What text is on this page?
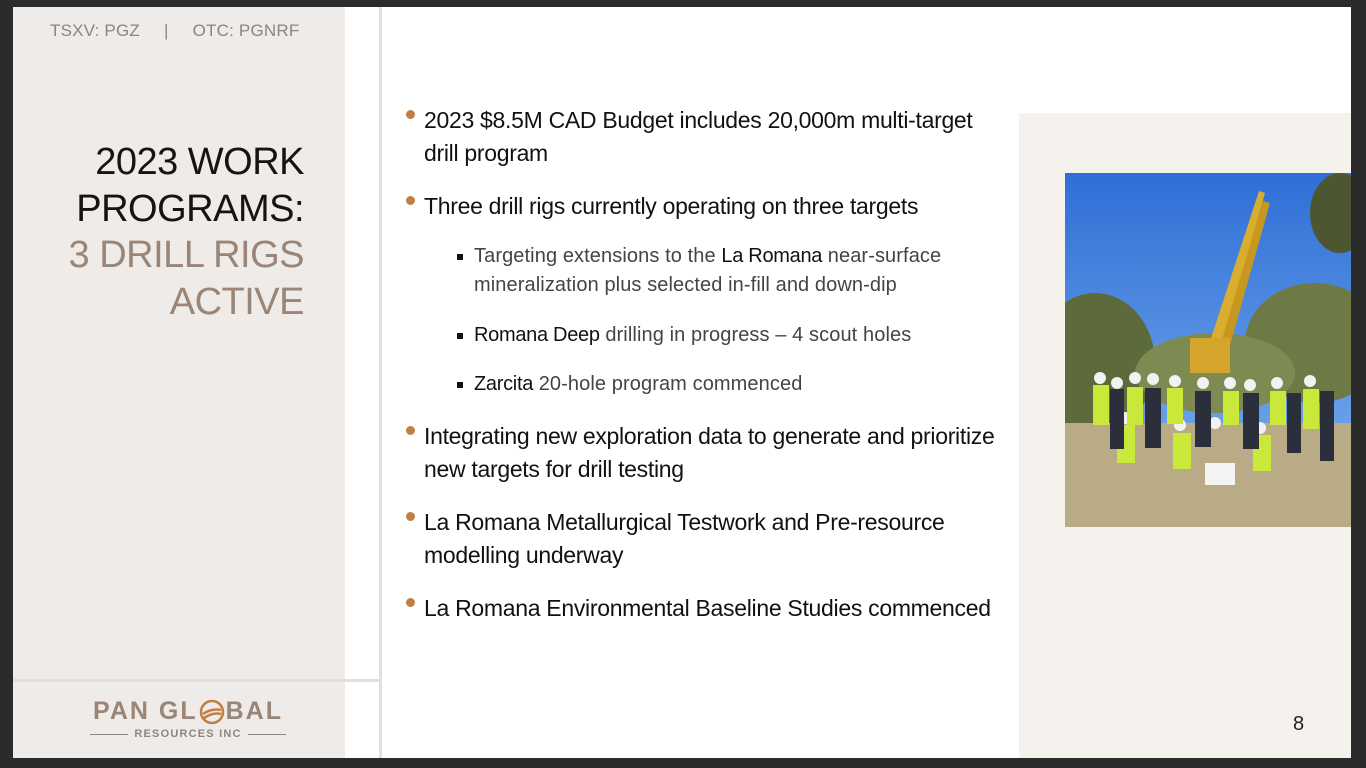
TSXV: PGZ | OTC: PGNRF
2023 WORK
PROGRAMS:
3 DRILL RIGS
ACTIVE
PAN GL BAL
RESOURCES INC
2023 $8.5M CAD Budget includes 20,000m multi-target drill program
Three drill rigs currently operating on three targets
Targeting extensions to the La Romana near-surface mineralization plus selected in-fill and down-dip
Romana Deep drilling in progress – 4 scout holes
Zarcita 20-hole program commenced
Integrating new exploration data to generate and prioritize new targets for drill testing
La Romana Metallurgical Testwork and Pre-resource modelling underway
La Romana Environmental Baseline Studies commenced
8
